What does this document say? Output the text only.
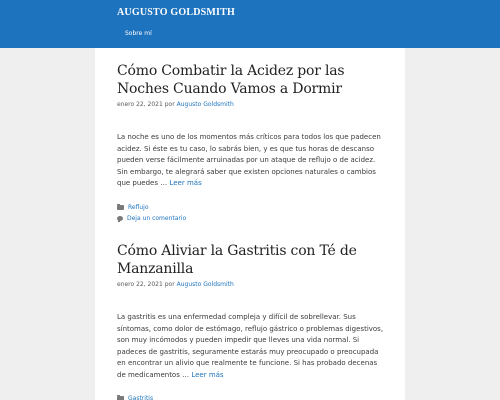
AUGUSTO GOLDSMITH
Sobre mí
Cómo Combatir la Acidez por las Noches Cuando Vamos a Dormir
enero 22, 2021 por Augusto Goldsmith
La noche es uno de los momentos más críticos para todos los que padecen acidez. Si éste es tu caso, lo sabrás bien, y es que tus horas de descanso pueden verse fácilmente arruinadas por un ataque de reflujo o de acidez. Sin embargo, te alegrará saber que existen opciones naturales o cambios que puedes … Leer más
Reflujo
Deja un comentario
Cómo Aliviar la Gastritis con Té de Manzanilla
enero 22, 2021 por Augusto Goldsmith
La gastritis es una enfermedad compleja y difícil de sobrellevar. Sus síntomas, como dolor de estómago, reflujo gástrico o problemas digestivos, son muy incómodos y pueden impedir que lleves una vida normal. Si padeces de gastritis, seguramente estarás muy preocupado o preocupada en encontrar un alivio que realmente te funcione. Si has probado decenas de medicamentos … Leer más
Gastritis
